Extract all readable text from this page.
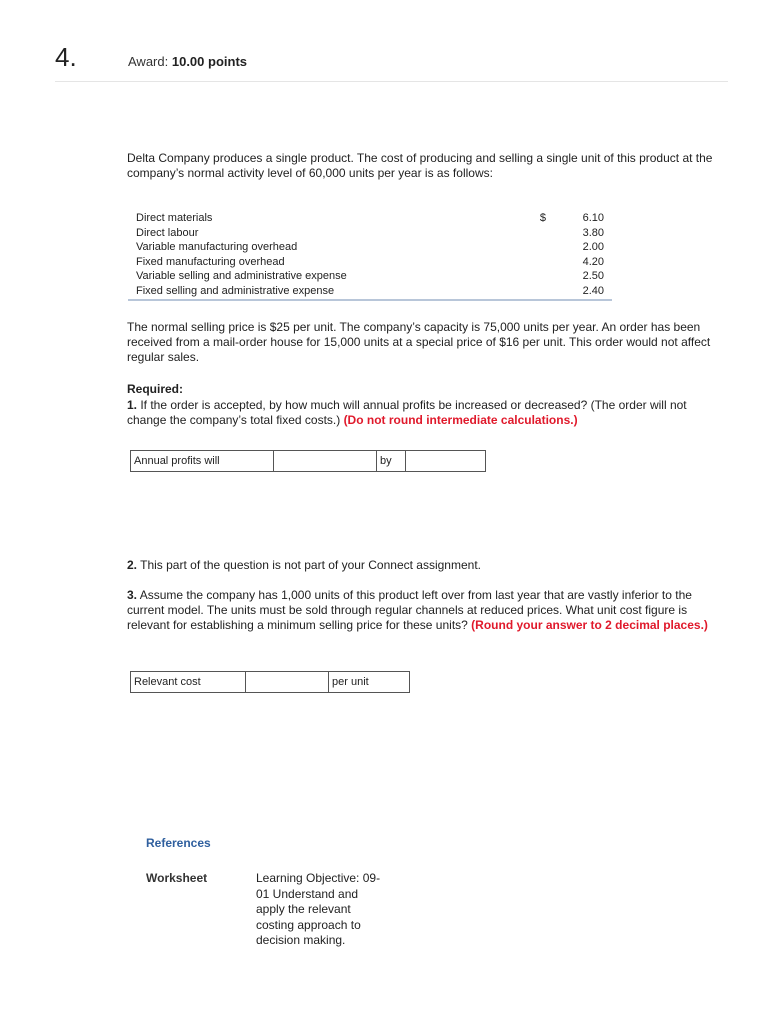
4.	Award: 10.00 points
Delta Company produces a single product. The cost of producing and selling a single unit of this product at the company’s normal activity level of 60,000 units per year is as follows:
Direct materials	$	6.10
Direct labour		3.80
Variable manufacturing overhead		2.00
Fixed manufacturing overhead		4.20
Variable selling and administrative expense		2.50
Fixed selling and administrative expense		2.40
The normal selling price is $25 per unit. The company’s capacity is 75,000 units per year. An order has been received from a mail-order house for 15,000 units at a special price of $16 per unit. This order would not affect regular sales.
Required:
1. If the order is accepted, by how much will annual profits be increased or decreased? (The order will not change the company’s total fixed costs.) (Do not round intermediate calculations.)
Annual profits will		by	
2. This part of the question is not part of your Connect assignment.
3. Assume the company has 1,000 units of this product left over from last year that are vastly inferior to the current model. The units must be sold through regular channels at reduced prices. What unit cost figure is relevant for establishing a minimum selling price for these units? (Round your answer to 2 decimal places.)
Relevant cost		per unit
References
Worksheet	Learning Objective: 09-01 Understand and apply the relevant costing approach to decision making.
